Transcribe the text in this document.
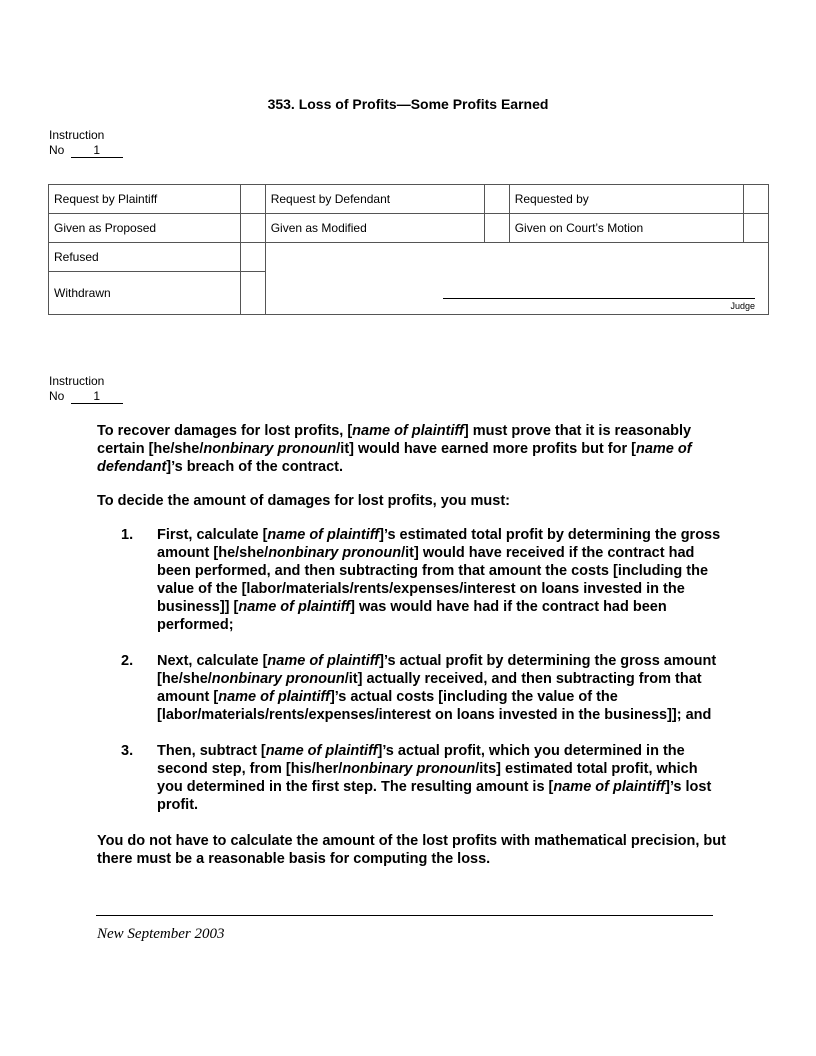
353. Loss of Profits—Some Profits Earned
Instruction

No 1
Request by Plaintiff		Request by Defendant		Requested by	
Given as Proposed		Given as Modified		Given on Court’s Motion	
Refused		Judge			

Withdrawn					
Instruction

No 1

To recover damages for lost profits, [name of plaintiff] must prove that it is reasonably certain [he/she/nonbinary pronoun/it] would have earned more profits but for [name of defendant]’s breach of the contract.

To decide the amount of damages for lost profits, you must:

1. First, calculate [name of plaintiff]’s estimated total profit by determining the gross amount [he/she/nonbinary pronoun/it] would have received if the contract had been performed, and then subtracting from that amount the costs [including the value of the [labor/materials/rents/expenses/interest on loans invested in the business]] [name of plaintiff] was would have had if the contract had been performed;
2. Next, calculate [name of plaintiff]’s actual profit by determining the gross amount [he/she/nonbinary pronoun/it] actually received, and then subtracting from that amount [name of plaintiff]’s actual costs [including the value of the [labor/materials/rents/expenses/interest on loans invested in the business]]; and
3. Then, subtract [name of plaintiff]’s actual profit, which you determined in the second step, from [his/her/nonbinary pronoun/its] estimated total profit, which you determined in the first step. The resulting amount is [name of plaintiff]’s lost profit.

You do not have to calculate the amount of the lost profits with mathematical precision, but there must be a reasonable basis for computing the loss.

New September 2003
